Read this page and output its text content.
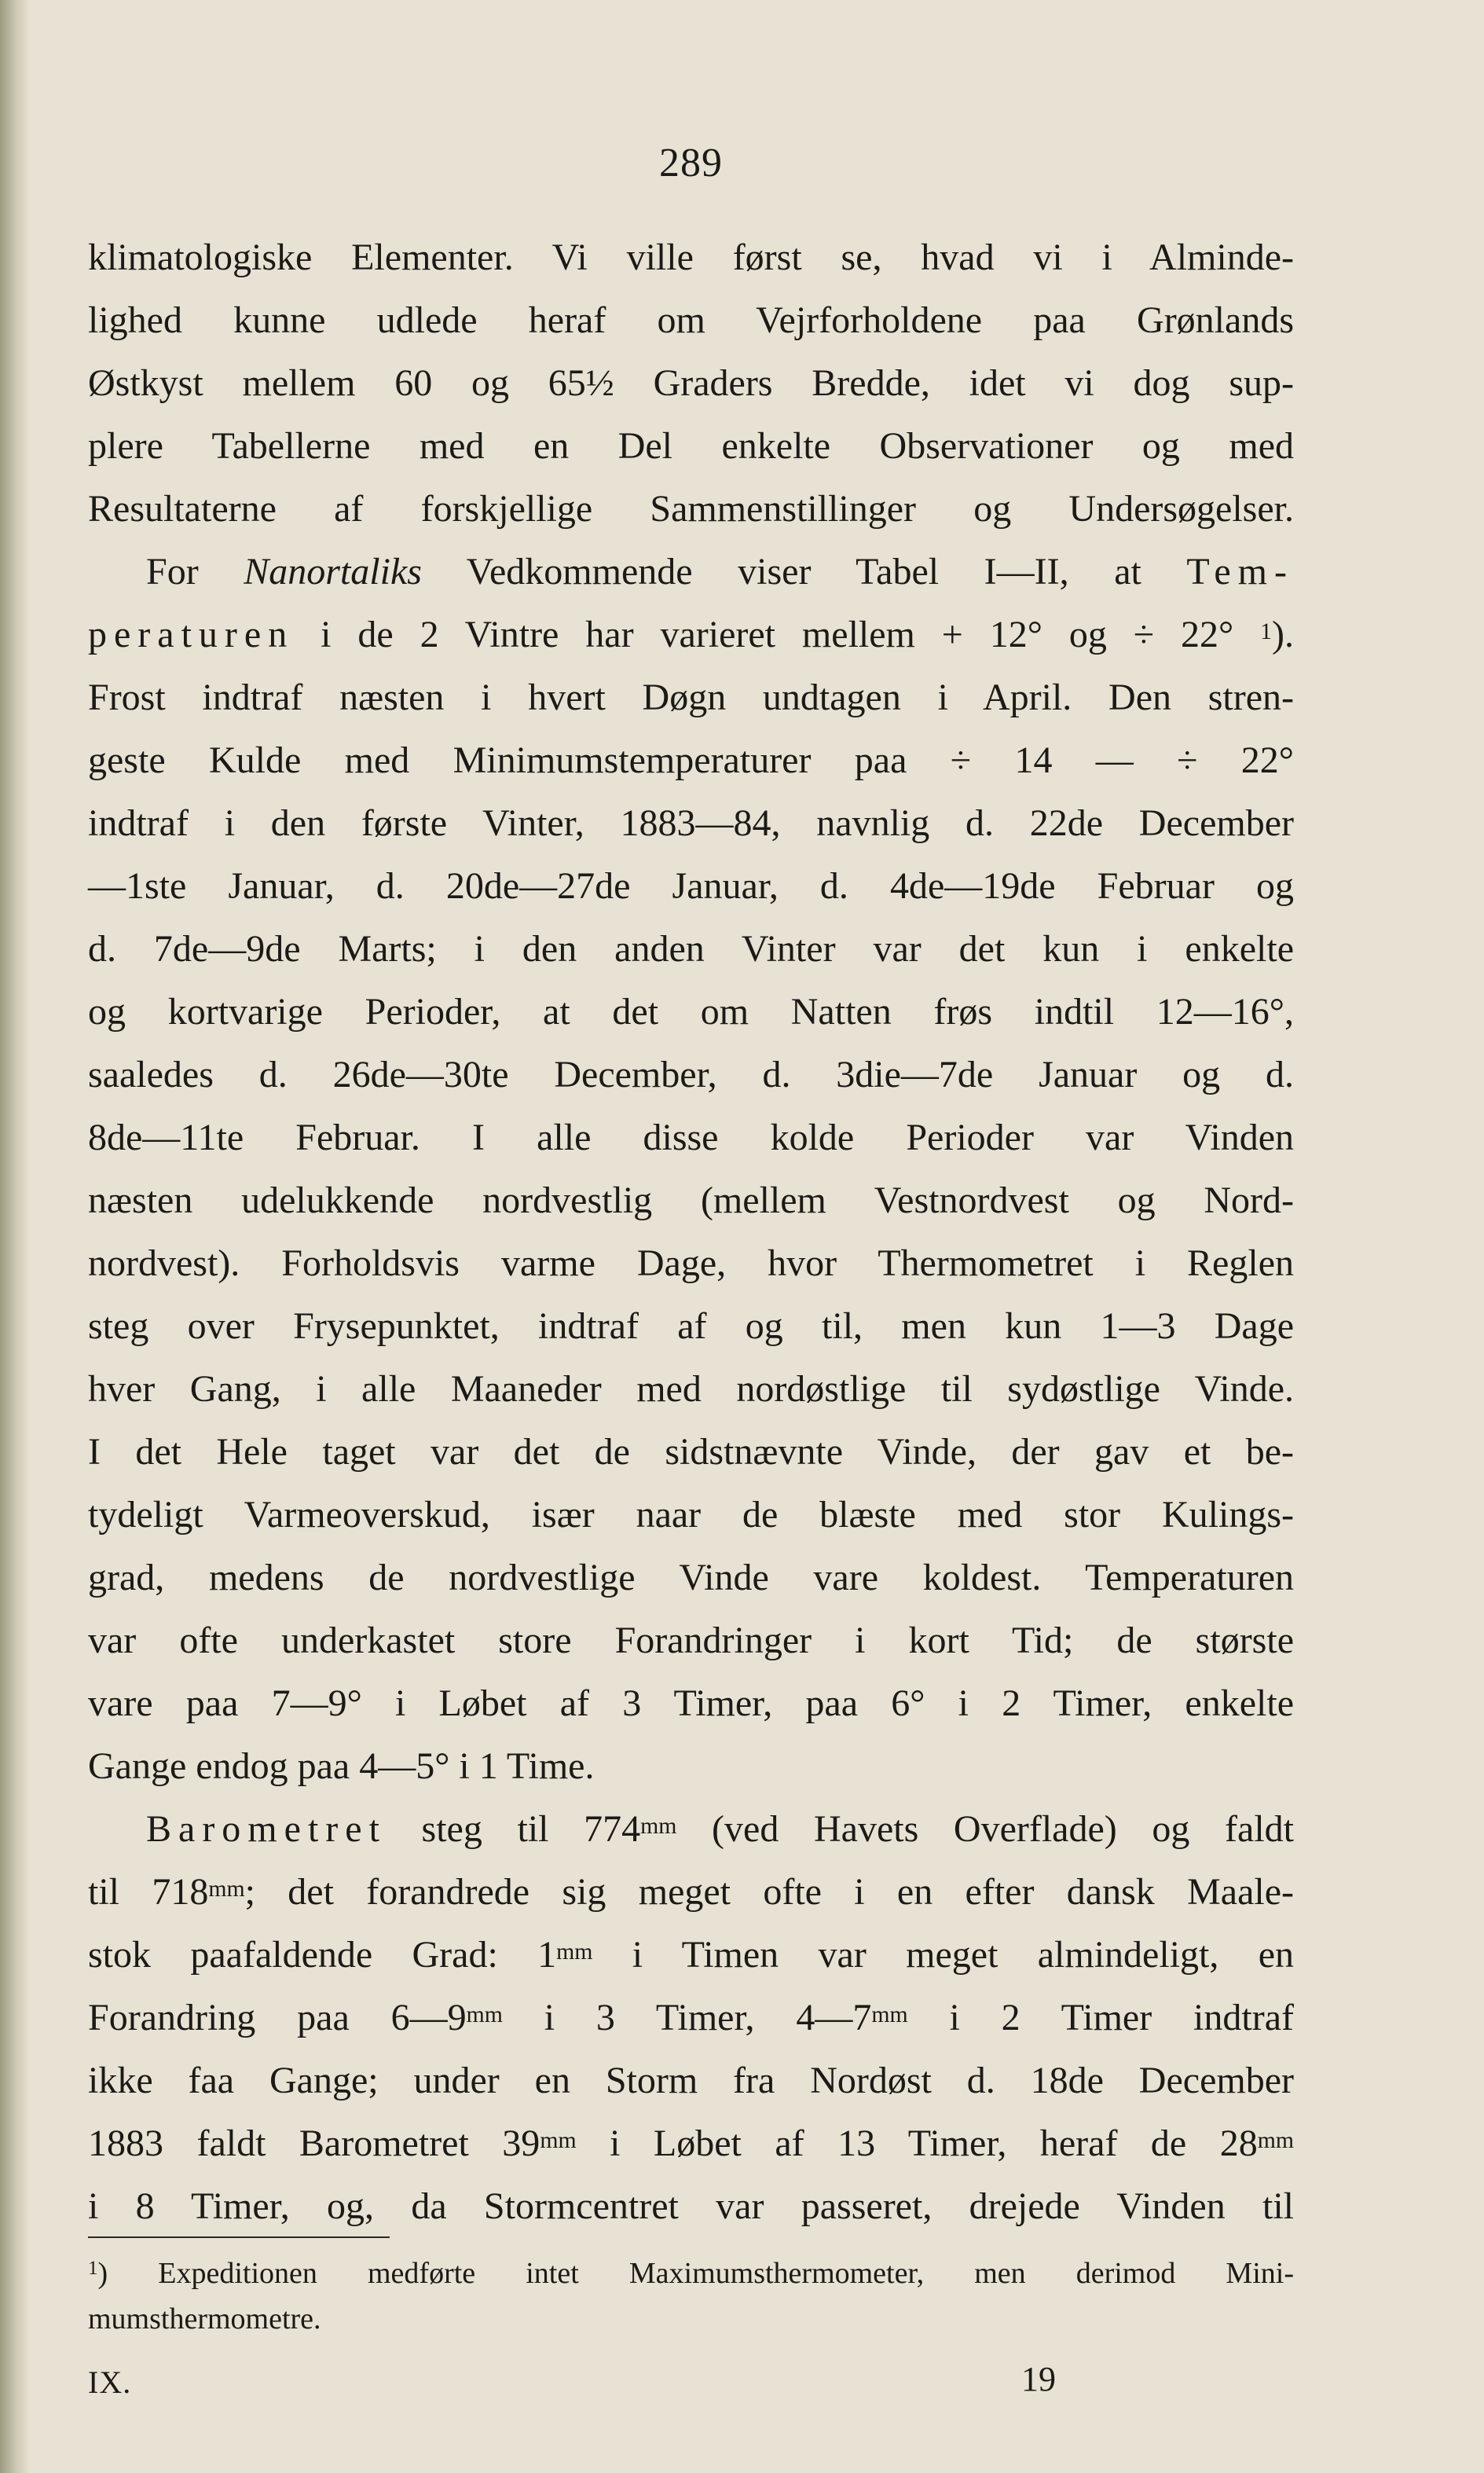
289
klimatologiske Elementer. Vi ville først se, hvad vi i Alminde-
lighed kunne udlede heraf om Vejrforholdene paa Grønlands
Østkyst mellem 60 og 65½ Graders Bredde, idet vi dog sup-
plere Tabellerne med en Del enkelte Observationer og med
Resultaterne af forskjellige Sammenstillinger og Undersøgelser.
For Nanortaliks Vedkommende viser Tabel I—II, at Tem-
peraturen i de 2 Vintre har varieret mellem + 12° og ÷ 22° $^1$).
Frost indtraf næsten i hvert Døgn undtagen i April. Den stren-
geste Kulde med Minimumstemperaturer paa ÷ 14 — ÷ 22°
indtraf i den første Vinter, 1883—84, navnlig d. 22de December
—1ste Januar, d. 20de—27de Januar, d. 4de—19de Februar og
d. 7de—9de Marts; i den anden Vinter var det kun i enkelte
og kortvarige Perioder, at det om Natten frøs indtil 12—16°,
saaledes d. 26de—30te December, d. 3die—7de Januar og d.
8de—11te Februar. I alle disse kolde Perioder var Vinden
næsten udelukkende nordvestlig (mellem Vestnordvest og Nord-
nordvest). Forholdsvis varme Dage, hvor Thermometret i Reglen
steg over Frysepunktet, indtraf af og til, men kun 1—3 Dage
hver Gang, i alle Maaneder med nordøstlige til sydøstlige Vinde.
I det Hele taget var det de sidstnævnte Vinde, der gav et be-
tydeligt Varmeoverskud, især naar de blæste med stor Kulings-
grad, medens de nordvestlige Vinde vare koldest. Temperaturen
var ofte underkastet store Forandringer i kort Tid; de største
vare paa 7—9° i Løbet af 3 Timer, paa 6° i 2 Timer, enkelte
Gange endog paa 4—5° i 1 Time.
Barometret steg til $774^{mm}$ (ved Havets Overflade) og faldt
til $718^{mm}$; det forandrede sig meget ofte i en efter dansk Maale-
stok paafaldende Grad: $1^{mm}$ i Timen var meget almindeligt, en
Forandring paa $6—9^{mm}$ i 3 Timer, $4—7^{mm}$ i 2 Timer indtraf
ikke faa Gange; under en Storm fra Nordøst d. 18de December
1883 faldt Barometret $39^{mm}$ i Løbet af 13 Timer, heraf de $28^{mm}$
i 8 Timer, og, da Stormcentret var passeret, drejede Vinden til
$^1$) Expeditionen medførte intet Maximumsthermometer, men derimod Mini-
mumsthermometre.
IX.	19
